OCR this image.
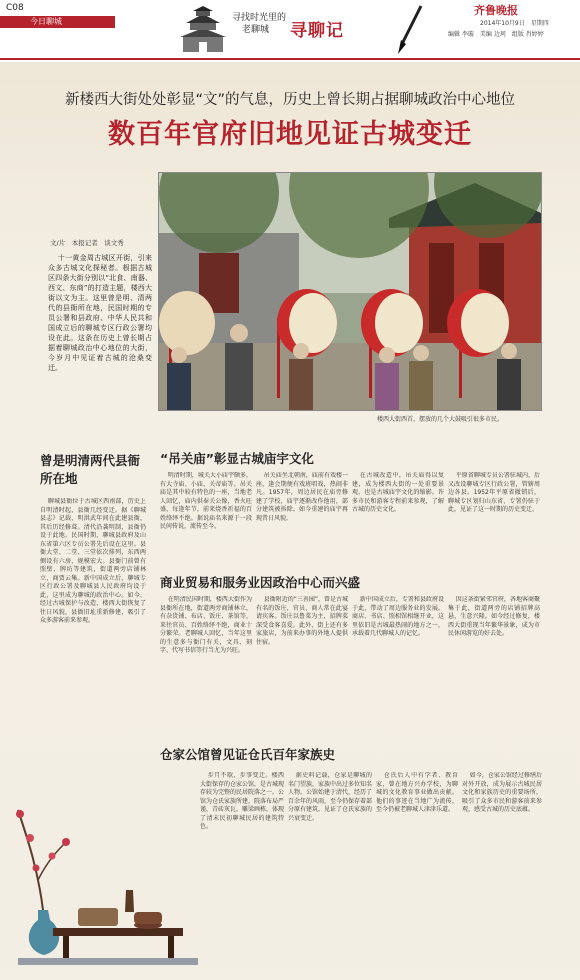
C08
今日聊城	寻找时光里的
老聊城	寻聊记
齐鲁晚报
2014年10月9日　星期四
编辑 李璇　美编 边珂　组版 肖婷婷
新楼西大街处处彰显“文”的气息，历史上曾长期占据聊城政治中心地位
数百年官府旧地见证古城变迁
文/片　本报记者　谈文秀
十一黄金周古城区开街，引来众多古城文化探秘者。根据古城区四条大街分别以“北食、南器、西文、东商”的打造主题，楼西大街以文为主。这里曾是明、清两代的县衙所在地，民国时期的专员公署和县政府、中华人民共和国成立后的聊城专区行政公署均设在此。这条在历史上曾长期占据着聊城政治中心地位的大街，今岁月中见证着古城的沧桑变迁。
楼西大街西首，摆放的几个大鼓吸引很多市民。
曾是明清两代县衙所在地
聊城县衙位于古城区西南部，历史上自明清时起，县衙几经变迁。据《聊城县志》记载，明洪武年间在此建县衙，其后历经修葺。清代沿袭明制，县衙仍设于此地。民国时期，聊城县政府及山东省第六区专员公署先后设在这里。县衙大堂、二堂、三堂依次排列，东西两侧设有六房，规模宏大。县衙门前曾有照壁、牌坊等建筑，街道两旁店铺林立，商贾云集。新中国成立后，聊城专区行政公署及聊城县人民政府均设于此，这里成为聊城的政治中心。如今，经过古城保护与改造，楼西大街恢复了往日风貌，县衙旧址重新修建，吸引了众多游客前来参观。
“吊关庙”彰显古城庙宇文化
明清时期，城关大小庙宇颇多，有大寺庙、小庙、关帝庙等。吊关庙是其中较有特色的一座，当地老人回忆，庙内供奉关公像，香火旺盛，每逢年节，前来烧香祈福的百姓络绎不绝。据说庙名来源于一段民间传说，流传至今。
吊关庙坐北朝南，庙前有戏楼一座，逢会期便有戏班唱戏，热闹非凡。1957年，周边居民在庙旁修建了学校，庙宇逐渐改作他用，部分建筑被拆除。如今重建的庙宇再现昔日风貌。
在古城改造中，吊关庙得以复建，成为楼西大街的一处重要景观，也是古城庙宇文化的缩影。许多市民和游客专程前来参观，了解古城的历史文化。
平原省聊城专员公署驻城内，后又改设聊城专区行政公署，管辖周边各县。1952年平原省撤销后，聊城专区划归山东省，专署仍驻于此，见证了这一时期的历史变迁。
商业贸易和服务业因政治中心而兴盛
在明清民国时期，楼西大街作为县衙所在地，街道两旁商铺林立，有杂货铺、布店、饭庄、茶馆等，来往官员、百姓络绎不绝，商业十分繁荣。老聊城人回忆，当年这里的生意多与衙门有关，文具、刻字、代写书信等行当尤为兴旺。
县衙附近的“三善园”，曾是古城有名的饭庄，官员、商人常在此宴请宾客。饭庄以鲁菜为主，招牌菜深受食客喜爱。此外，街上还有多家旅店，为前来办事的外地人提供住宿。
新中国成立后，专署和县政府设于此，带动了周边服务业的发展。商店、书店、照相馆相继开业，这里依旧是古城最热闹的地方之一，承载着几代聊城人的记忆。
因这条街紧邻官府，各地客商聚集于此，街道两旁的店铺招牌高悬，生意兴隆。如今经过修复，楼西大街重现当年繁华景象，成为市民休闲游览的好去处。
仓家公馆曾见证仓氏百年家族史
步月不歇，步事变迁。楼西大街保存的仓家公馆，是古城现存较为完整的民居院落之一。公馆为仓氏家族所建，院落布局严谨，青砖灰瓦，雕梁画栋，体现了清末民初聊城民居的建筑特色。
据史料记载，仓家是聊城的名门望族，家族中出过多位知名人物。公馆始建于清代，经历了百余年的风雨，至今仍保存着部分原有建筑，见证了仓氏家族的兴衰变迁。
仓氏后人中有学者、教育家，曾在地方兴办学校，为聊城的文化教育事业做出贡献。他们的事迹在当地广为流传，至今仍被老聊城人津津乐道。
如今，仓家公馆经过修缮后对外开放，成为展示古城民居文化和家族历史的重要场所，吸引了众多市民和游客前来参观，感受古城的历史底蕴。
